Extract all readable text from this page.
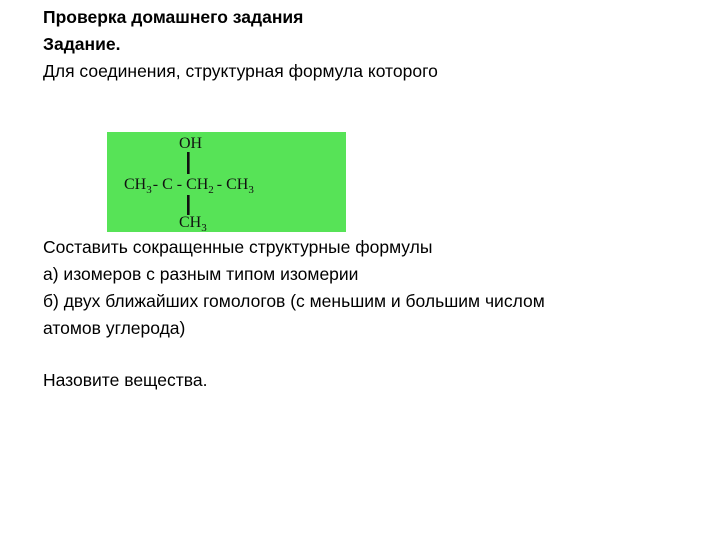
Проверка домашнего задания
Задание.
Для соединения, структурная формула которого
OH
$CH_3-$ C - $CH_2 - CH_3$
$CH_3$
Составить сокращенные структурные формулы
а) изомеров с разным типом изомерии
б) двух ближайших гомологов (с меньшим и большим числом
атомов углерода)
Назовите вещества.
